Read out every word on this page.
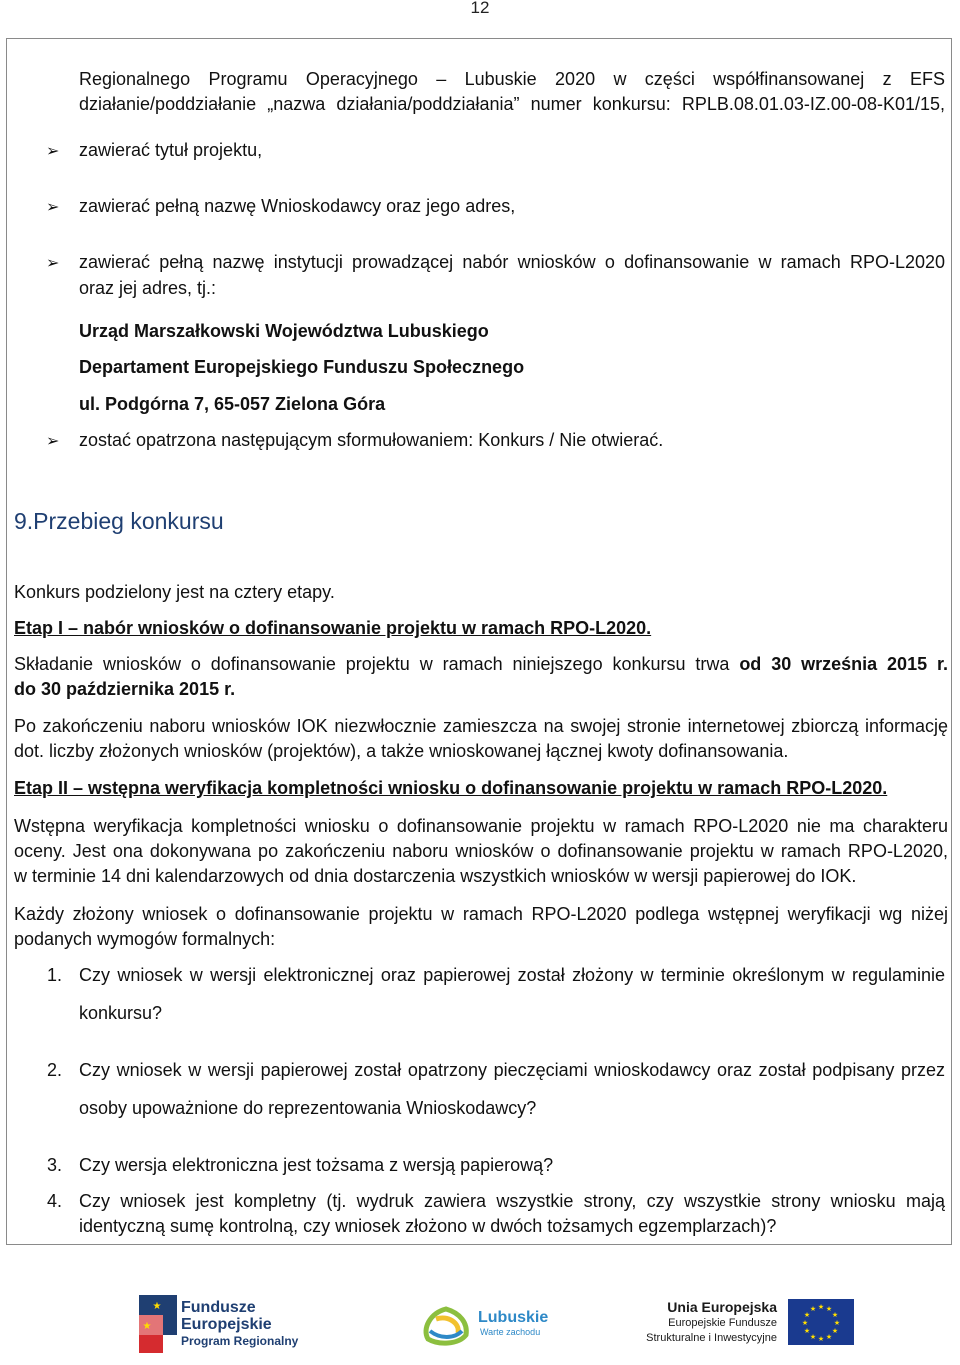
12
Regionalnego Programu Operacyjnego – Lubuskie 2020 w części współfinansowanej z EFS
działanie/poddziałanie „nazwa działania/poddziałania” numer konkursu: RPLB.08.01.03-IZ.00-08-K01/15,
➢ zawierać tytuł projektu,
➢ zawierać pełną nazwę Wnioskodawcy oraz jego adres,
➢ zawierać pełną nazwę instytucji prowadzącej nabór wniosków o dofinansowanie w ramach RPO-L2020
oraz jej adres, tj.:
Urząd Marszałkowski Województwa Lubuskiego
Departament Europejskiego Funduszu Społecznego
ul. Podgórna 7, 65-057 Zielona Góra
➢ zostać opatrzona następującym sformułowaniem: Konkurs / Nie otwierać.
9.Przebieg konkursu
Konkurs podzielony jest na cztery etapy.
Etap I – nabór wniosków o dofinansowanie projektu w ramach RPO-L2020.
Składanie wniosków o dofinansowanie projektu w ramach niniejszego konkursu trwa od 30 września 2015 r.
do 30 października 2015 r.
Po zakończeniu naboru wniosków IOK niezwłocznie zamieszcza na swojej stronie internetowej zbiorczą informację
dot. liczby złożonych wniosków (projektów), a także wnioskowanej łącznej kwoty dofinansowania.
Etap II – wstępna weryfikacja kompletności wniosku o dofinansowanie projektu w ramach RPO-L2020.
Wstępna weryfikacja kompletności wniosku o dofinansowanie projektu w ramach RPO-L2020 nie ma charakteru
oceny. Jest ona dokonywana po zakończeniu naboru wniosków o dofinansowanie projektu w ramach RPO-L2020,
w terminie 14 dni kalendarzowych od dnia dostarczenia wszystkich wniosków w wersji papierowej do IOK.
Każdy złożony wniosek o dofinansowanie projektu w ramach RPO-L2020 podlega wstępnej weryfikacji wg niżej
podanych wymogów formalnych:
1. Czy wniosek w wersji elektronicznej oraz papierowej został złożony w terminie określonym w regulaminie
konkursu?
2. Czy wniosek w wersji papierowej został opatrzony pieczęciami wnioskodawcy oraz został podpisany przez
osoby upoważnione do reprezentowania Wnioskodawcy?
3. Czy wersja elektroniczna jest tożsama z wersją papierową?
4. Czy wniosek jest kompletny (tj. wydruk zawiera wszystkie strony, czy wszystkie strony wniosku mają
identyczną sumę kontrolną, czy wniosek złożono w dwóch tożsamych egzemplarzach)?
★
★
Fundusze
Europejskie
Program Regionalny
Lubuskie
Warte zachodu
Unia Europejska
Europejskie Fundusze
Strukturalne i Inwestycyjne
★ ★
★
★
★
★
★
★
★
★
★
★
